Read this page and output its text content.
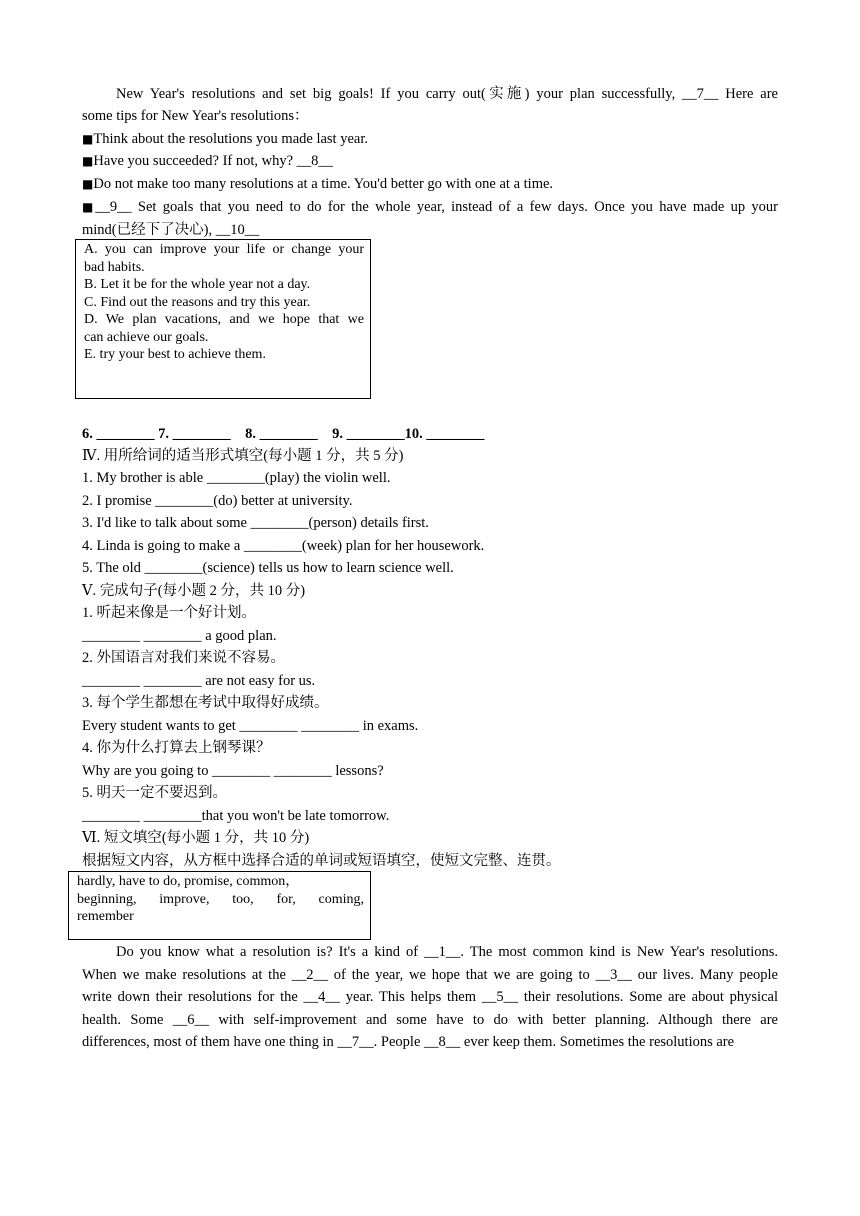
New Year's resolutions and set big goals! If you carry out(实施) your plan successfully, __7__ Here are
some tips for New Year's resolutions：
■Think about the resolutions you made last year.
■Have you succeeded? If not, why? __8__
■Do not make too many resolutions at a time. You'd better go with one at a time.
■ __9__ Set goals that you need to do for the whole year, instead of a few days. Once you have made up your
mind(已经下了决心), __10__
A. you can improve your life or change your
bad habits.
B. Let it be for the whole year not a day.
C. Find out the reasons and try this year.
D. We plan vacations, and we hope that we
can achieve our goals.
E. try your best to achieve them.
6. ________ 7. ________    8. ________    9. ________10. ________
Ⅳ. 用所给词的适当形式填空(每小题 1 分，共 5 分)
1. My brother is able ________(play) the violin well.
2. I promise ________(do) better at university.
3. I'd like to talk about some ________(person) details first.
4. Linda is going to make a ________(week) plan for her housework.
5. The old ________(science) tells us how to learn science well.
Ⅴ. 完成句子(每小题 2 分，共 10 分)
1. 听起来像是一个好计划。
________ ________ a good plan.
2. 外国语言对我们来说不容易。
________ ________ are not easy for us.
3. 每个学生都想在考试中取得好成绩。
Every student wants to get ________ ________ in exams.
4. 你为什么打算去上钢琴课？
Why are you going to ________ ________ lessons?
5. 明天一定不要迟到。
________ ________that you won't be late tomorrow.
Ⅵ. 短文填空(每小题 1 分，共 10 分)
根据短文内容，从方框中选择合适的单词或短语填空，使短文完整、连贯。
hardly, have to do, promise, common，
beginning, improve, too, for, coming,
remember
Do you know what a resolution is? It's a kind of __1__. The most common kind is New Year's resolutions.
When we make resolutions at the __2__ of the year, we hope that we are going to __3__ our lives. Many people
write down their resolutions for the __4__ year. This helps them __5__ their resolutions. Some are about physical
health. Some __6__ with self-improvement and some have to do with better planning. Although there are
differences, most of them have one thing in __7__. People __8__ ever keep them. Sometimes the resolutions are
